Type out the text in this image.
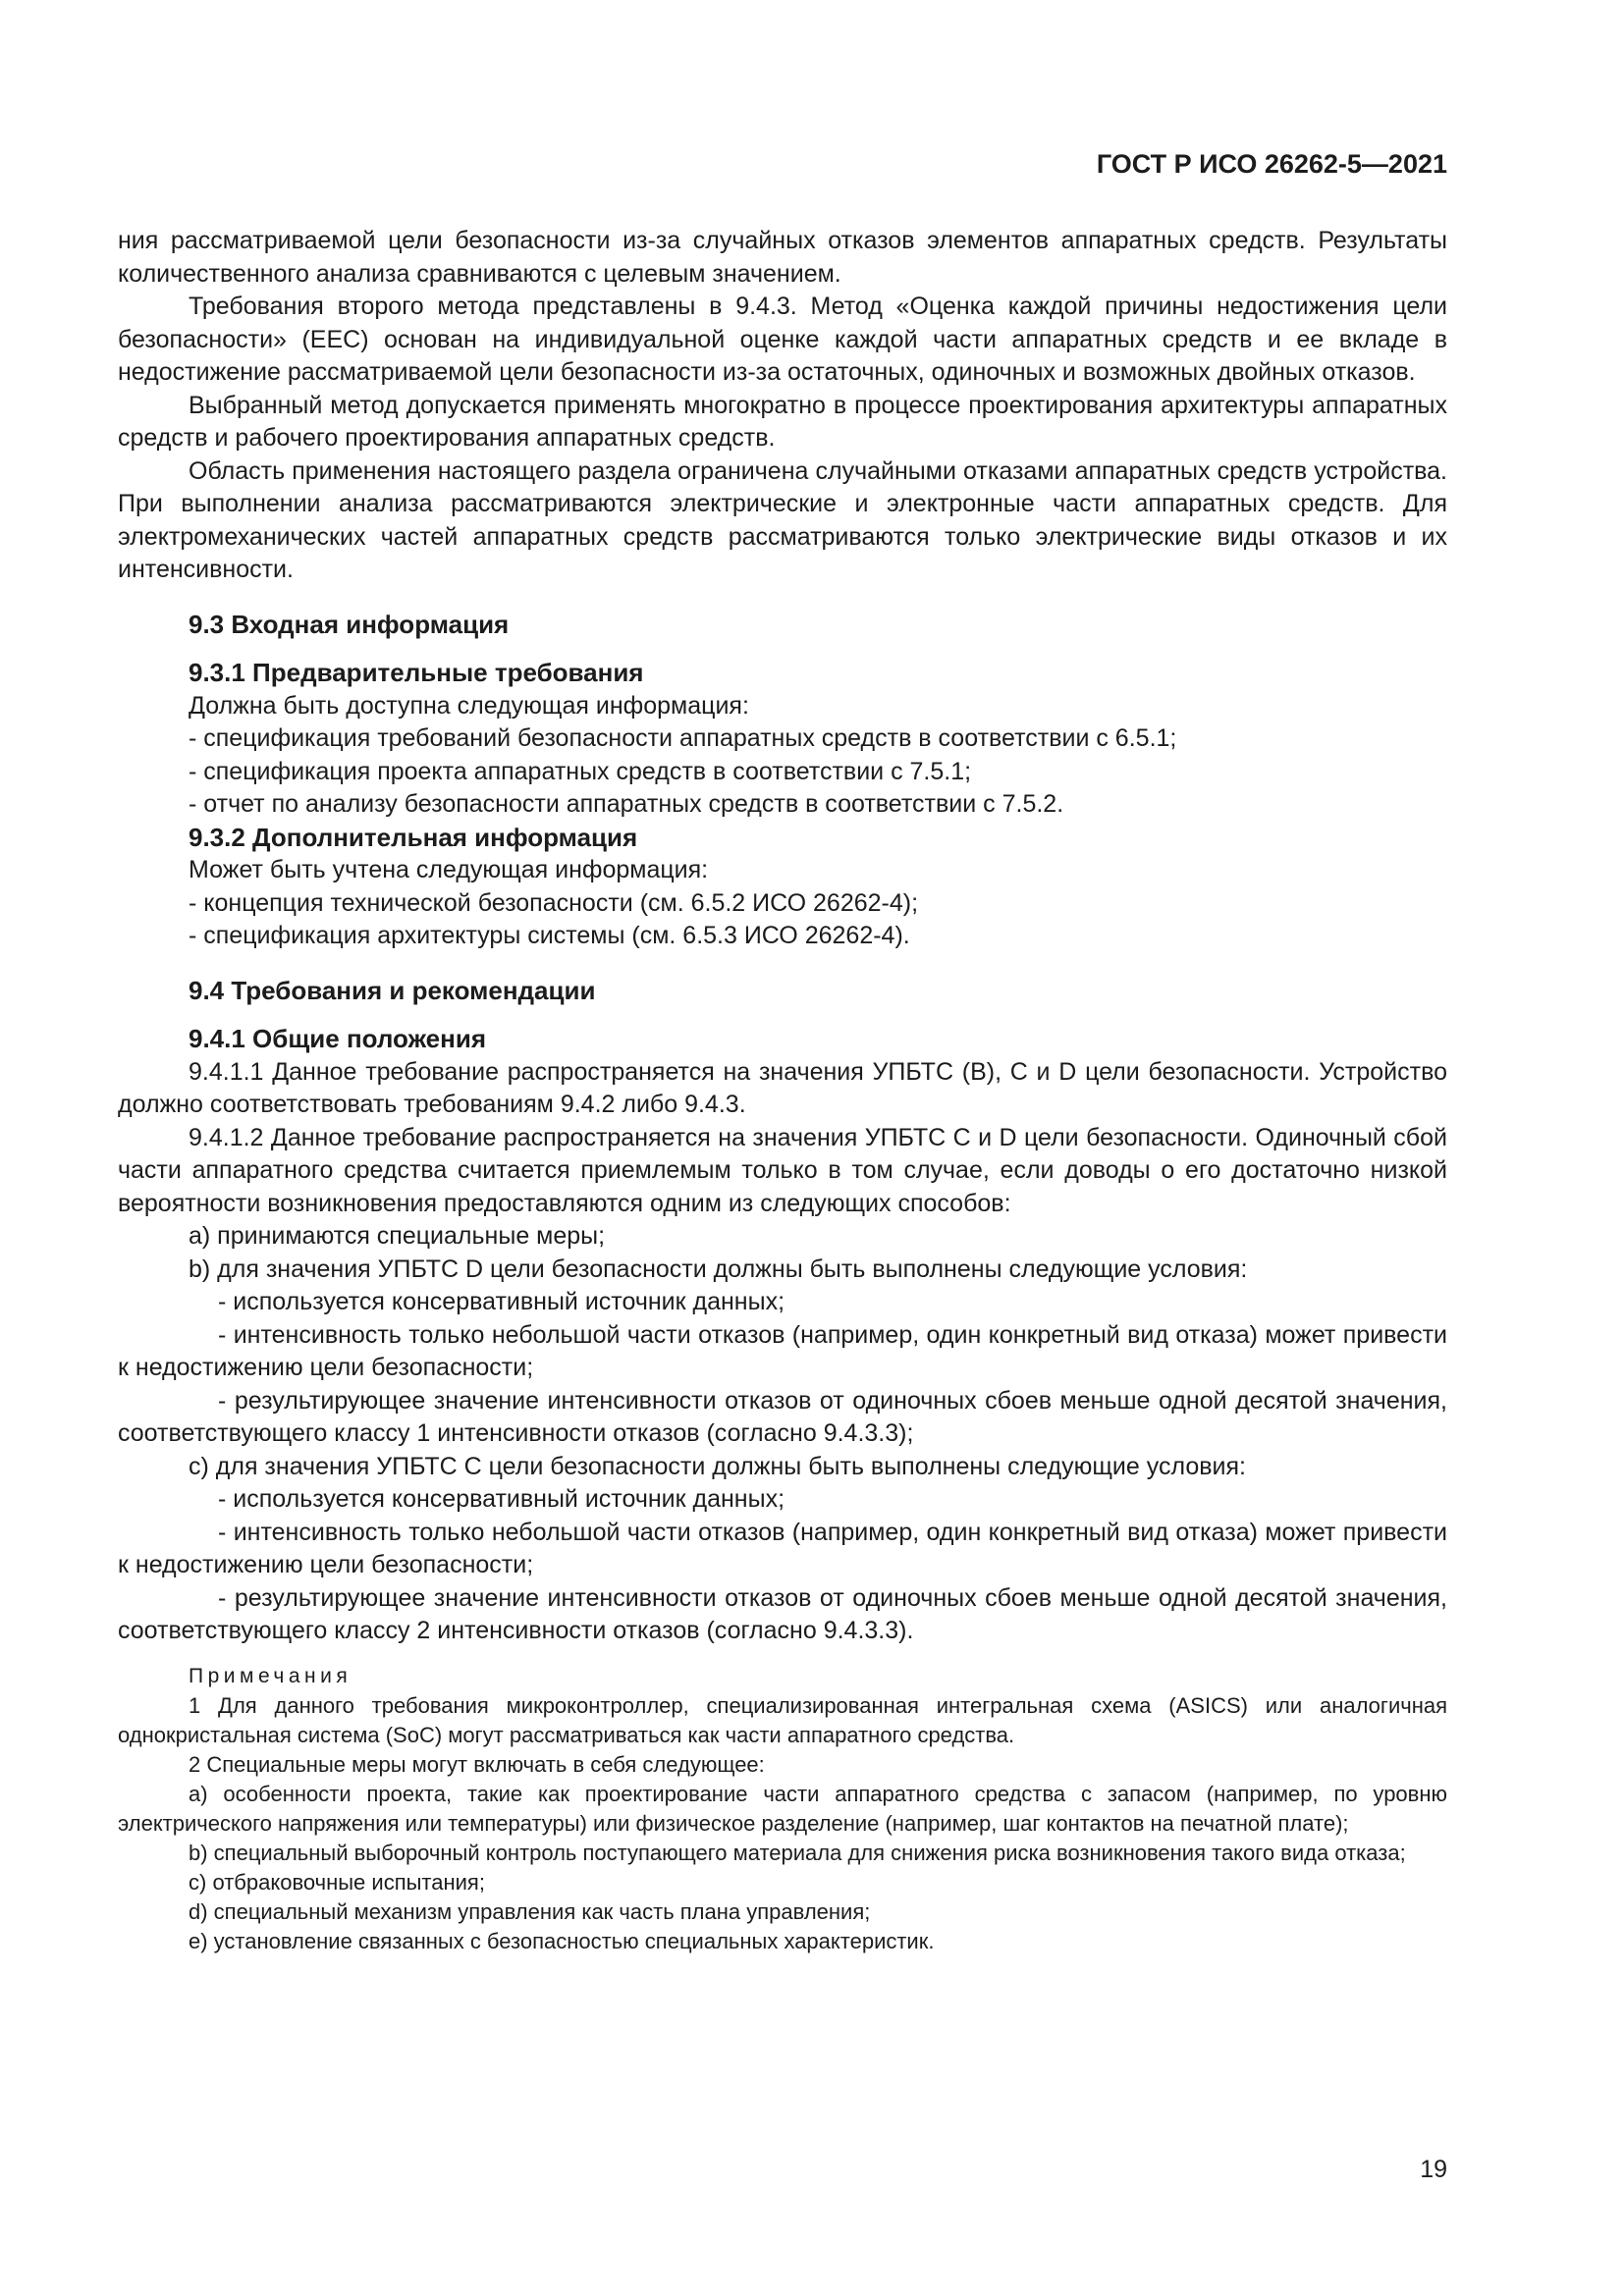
ГОСТ Р ИСО 26262-5—2021

ния рассматриваемой цели безопасности из-за случайных отказов элементов аппаратных средств. Результаты количественного анализа сравниваются с целевым значением.

Требования второго метода представлены в 9.4.3. Метод «Оценка каждой причины недостижения цели безопасности» (EEC) основан на индивидуальной оценке каждой части аппаратных средств и ее вкладе в недостижение рассматриваемой цели безопасности из-за остаточных, одиночных и возможных двойных отказов.

Выбранный метод допускается применять многократно в процессе проектирования архитектуры аппаратных средств и рабочего проектирования аппаратных средств.

Область применения настоящего раздела ограничена случайными отказами аппаратных средств устройства. При выполнении анализа рассматриваются электрические и электронные части аппаратных средств. Для электромеханических частей аппаратных средств рассматриваются только электрические виды отказов и их интенсивности.

9.3 Входная информация

9.3.1 Предварительные требования

Должна быть доступна следующая информация:

- спецификация требований безопасности аппаратных средств в соответствии с 6.5.1;

- спецификация проекта аппаратных средств в соответствии с 7.5.1;

- отчет по анализу безопасности аппаратных средств в соответствии с 7.5.2.

9.3.2 Дополнительная информация

Может быть учтена следующая информация:

- концепция технической безопасности (см. 6.5.2 ИСО 26262-4);

- спецификация архитектуры системы (см. 6.5.3 ИСО 26262-4).

9.4 Требования и рекомендации

9.4.1 Общие положения

9.4.1.1 Данное требование распространяется на значения УПБТС (B), C и D цели безопасности. Устройство должно соответствовать требованиям 9.4.2 либо 9.4.3.

9.4.1.2 Данное требование распространяется на значения УПБТС C и D цели безопасности. Одиночный сбой части аппаратного средства считается приемлемым только в том случае, если доводы о его достаточно низкой вероятности возникновения предоставляются одним из следующих способов:

а) принимаются специальные меры;

b) для значения УПБТС D цели безопасности должны быть выполнены следующие условия:

- используется консервативный источник данных;

- интенсивность только небольшой части отказов (например, один конкретный вид отказа) может привести к недостижению цели безопасности;

- результирующее значение интенсивности отказов от одиночных сбоев меньше одной десятой значения, соответствующего классу 1 интенсивности отказов (согласно 9.4.3.3);

c) для значения УПБТС C цели безопасности должны быть выполнены следующие условия:

- используется консервативный источник данных;

- интенсивность только небольшой части отказов (например, один конкретный вид отказа) может привести к недостижению цели безопасности;

- результирующее значение интенсивности отказов от одиночных сбоев меньше одной десятой значения, соответствующего классу 2 интенсивности отказов (согласно 9.4.3.3).

Примечания

1 Для данного требования микроконтроллер, специализированная интегральная схема (ASICS) или аналогичная однокристальная система (SoC) могут рассматриваться как части аппаратного средства.

2 Специальные меры могут включать в себя следующее:

а) особенности проекта, такие как проектирование части аппаратного средства с запасом (например, по уровню электрического напряжения или температуры) или физическое разделение (например, шаг контактов на печатной плате);

b) специальный выборочный контроль поступающего материала для снижения риска возникновения такого вида отказа;

c) отбраковочные испытания;

d) специальный механизм управления как часть плана управления;

e) установление связанных с безопасностью специальных характеристик.

19
